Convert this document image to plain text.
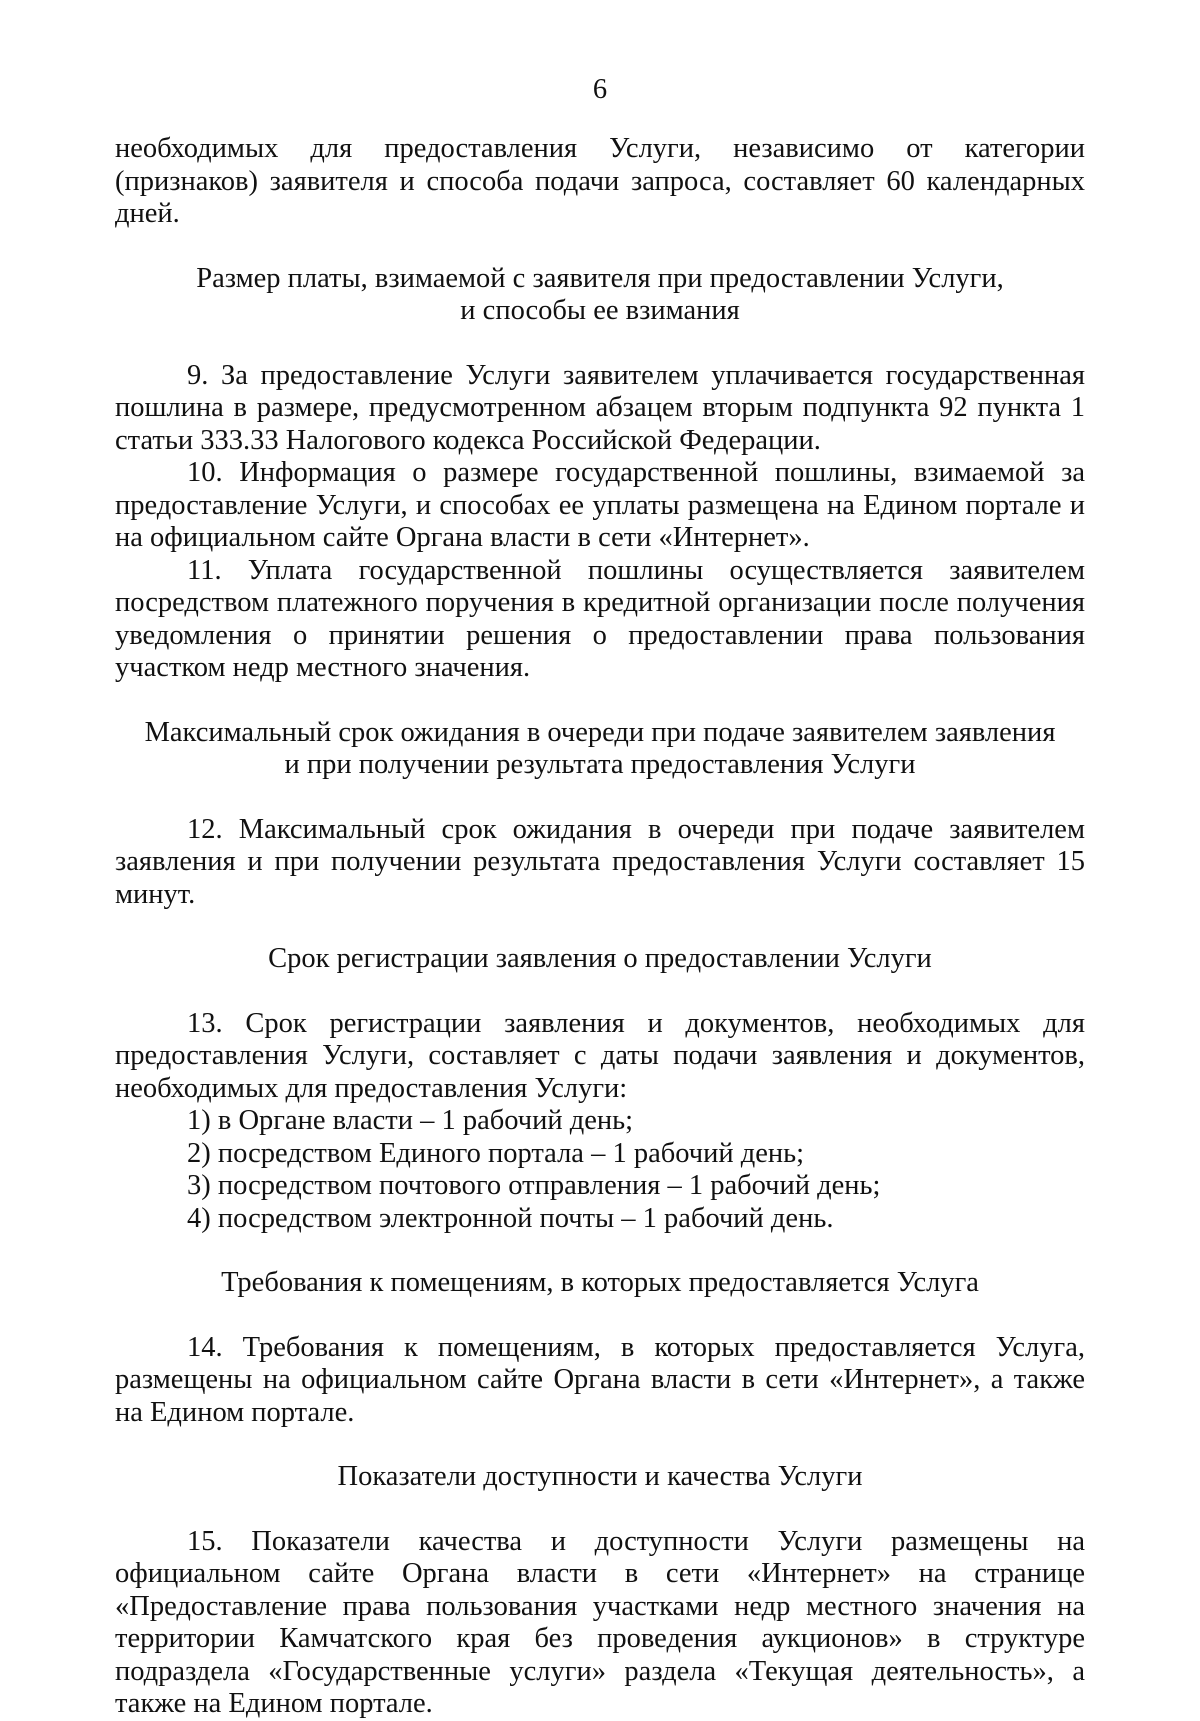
6

необходимых для предоставления Услуги, независимо от категории (признаков) заявителя и способа подачи запроса, составляет 60 календарных дней.

Размер платы, взимаемой с заявителя при предоставлении Услуги,
и способы ее взимания

9. За предоставление Услуги заявителем уплачивается государственная пошлина в размере, предусмотренном абзацем вторым подпункта 92 пункта 1 статьи 333.33 Налогового кодекса Российской Федерации.

10. Информация о размере государственной пошлины, взимаемой за предоставление Услуги, и способах ее уплаты размещена на Едином портале и на официальном сайте Органа власти в сети «Интернет».

11. Уплата государственной пошлины осуществляется заявителем посредством платежного поручения в кредитной организации после получения уведомления о принятии решения о предоставлении права пользования участком недр местного значения.

Максимальный срок ожидания в очереди при подаче заявителем заявления
и при получении результата предоставления Услуги

12. Максимальный срок ожидания в очереди при подаче заявителем заявления и при получении результата предоставления Услуги составляет 15 минут.

Срок регистрации заявления о предоставлении Услуги

13. Срок регистрации заявления и документов, необходимых для предоставления Услуги, составляет с даты подачи заявления и документов, необходимых для предоставления Услуги:

1) в Органе власти – 1 рабочий день;
2) посредством Единого портала – 1 рабочий день;
3) посредством почтового отправления – 1 рабочий день;
4) посредством электронной почты – 1 рабочий день.
Требования к помещениям, в которых предоставляется Услуга

14. Требования к помещениям, в которых предоставляется Услуга, размещены на официальном сайте Органа власти в сети «Интернет», а также на Едином портале.

Показатели доступности и качества Услуги

15. Показатели качества и доступности Услуги размещены на официальном сайте Органа власти в сети «Интернет» на странице «Предоставление права пользования участками недр местного значения на территории Камчатского края без проведения аукционов» в структуре подраздела «Государственные услуги» раздела «Текущая деятельность», а также на Едином портале.
